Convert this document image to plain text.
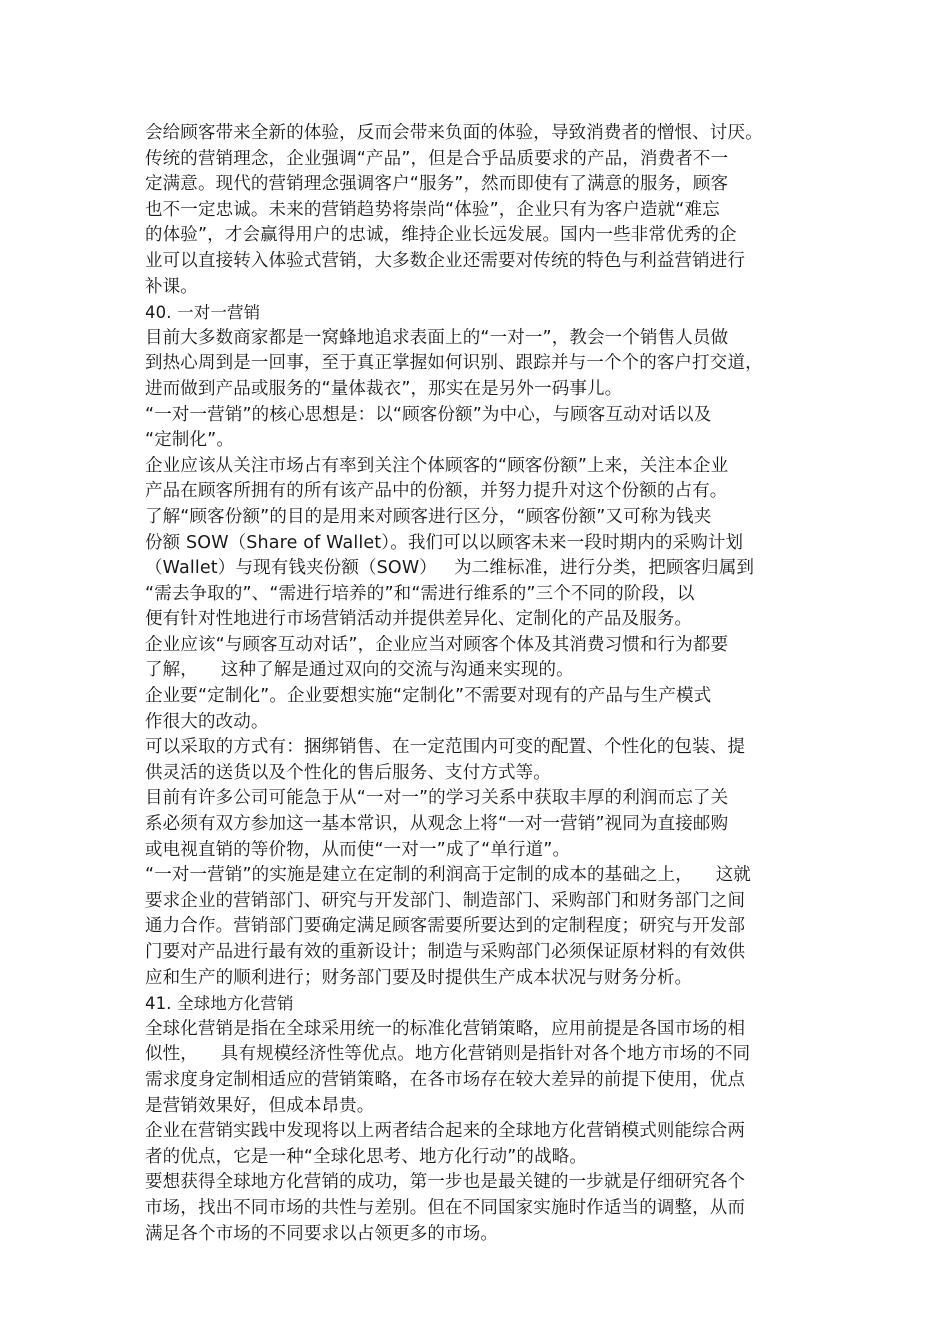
会给顾客带来全新的体验，反而会带来负面的体验，导致消费者的憎恨、讨厌。
传统的营销理念，企业强调“产品”，但是合乎品质要求的产品，消费者不一
定满意。现代的营销理念强调客户“服务”，然而即使有了满意的服务，顾客
也不一定忠诚。未来的营销趋势将崇尚“体验”，企业只有为客户造就“难忘
的体验”，才会赢得用户的忠诚，维持企业长远发展。国内一些非常优秀的企
业可以直接转入体验式营销，大多数企业还需要对传统的特色与利益营销进行
补课。
40. 一对一营销
目前大多数商家都是一窝蜂地追求表面上的“一对一”，教会一个销售人员做
到热心周到是一回事，至于真正掌握如何识别、跟踪并与一个个的客户打交道，
进而做到产品或服务的“量体裁衣”，那实在是另外一码事儿。
“一对一营销”的核心思想是：以“顾客份额”为中心，与顾客互动对话以及
“定制化”。
企业应该从关注市场占有率到关注个体顾客的“顾客份额”上来，关注本企业
产品在顾客所拥有的所有该产品中的份额，并努力提升对这个份额的占有。
了解“顾客份额”的目的是用来对顾客进行区分，“顾客份额”又可称为钱夹
份额 SOW（Share of Wallet）。我们可以以顾客未来一段时期内的采购计划
（Wallet）与现有钱夹份额（SOW）   为二维标准，进行分类，把顾客归属到
“需去争取的”、“需进行培养的”和“需进行维系的”三个不同的阶段，以
便有针对性地进行市场营销活动并提供差异化、定制化的产品及服务。
企业应该“与顾客互动对话”，企业应当对顾客个体及其消费习惯和行为都要
了解，    这种了解是通过双向的交流与沟通来实现的。
企业要“定制化”。企业要想实施“定制化”不需要对现有的产品与生产模式
作很大的改动。
可以采取的方式有：捆绑销售、在一定范围内可变的配置、个性化的包装、提
供灵活的送货以及个性化的售后服务、支付方式等。
目前有许多公司可能急于从“一对一”的学习关系中获取丰厚的利润而忘了关
系必须有双方参加这一基本常识，从观念上将“一对一营销”视同为直接邮购
或电视直销的等价物，从而使“一对一”成了“单行道”。
“一对一营销”的实施是建立在定制的利润高于定制的成本的基础之上，    这就
要求企业的营销部门、研究与开发部门、制造部门、采购部门和财务部门之间
通力合作。营销部门要确定满足顾客需要所要达到的定制程度；研究与开发部
门要对产品进行最有效的重新设计；制造与采购部门必须保证原材料的有效供
应和生产的顺利进行；财务部门要及时提供生产成本状况与财务分析。
41. 全球地方化营销
全球化营销是指在全球采用统一的标准化营销策略，应用前提是各国市场的相
似性，    具有规模经济性等优点。地方化营销则是指针对各个地方市场的不同
需求度身定制相适应的营销策略，在各市场存在较大差异的前提下使用，优点
是营销效果好，但成本昂贵。
企业在营销实践中发现将以上两者结合起来的全球地方化营销模式则能综合两
者的优点，它是一种“全球化思考、地方化行动”的战略。
要想获得全球地方化营销的成功，第一步也是最关键的一步就是仔细研究各个
市场，找出不同市场的共性与差别。但在不同国家实施时作适当的调整，从而
满足各个市场的不同要求以占领更多的市场。
